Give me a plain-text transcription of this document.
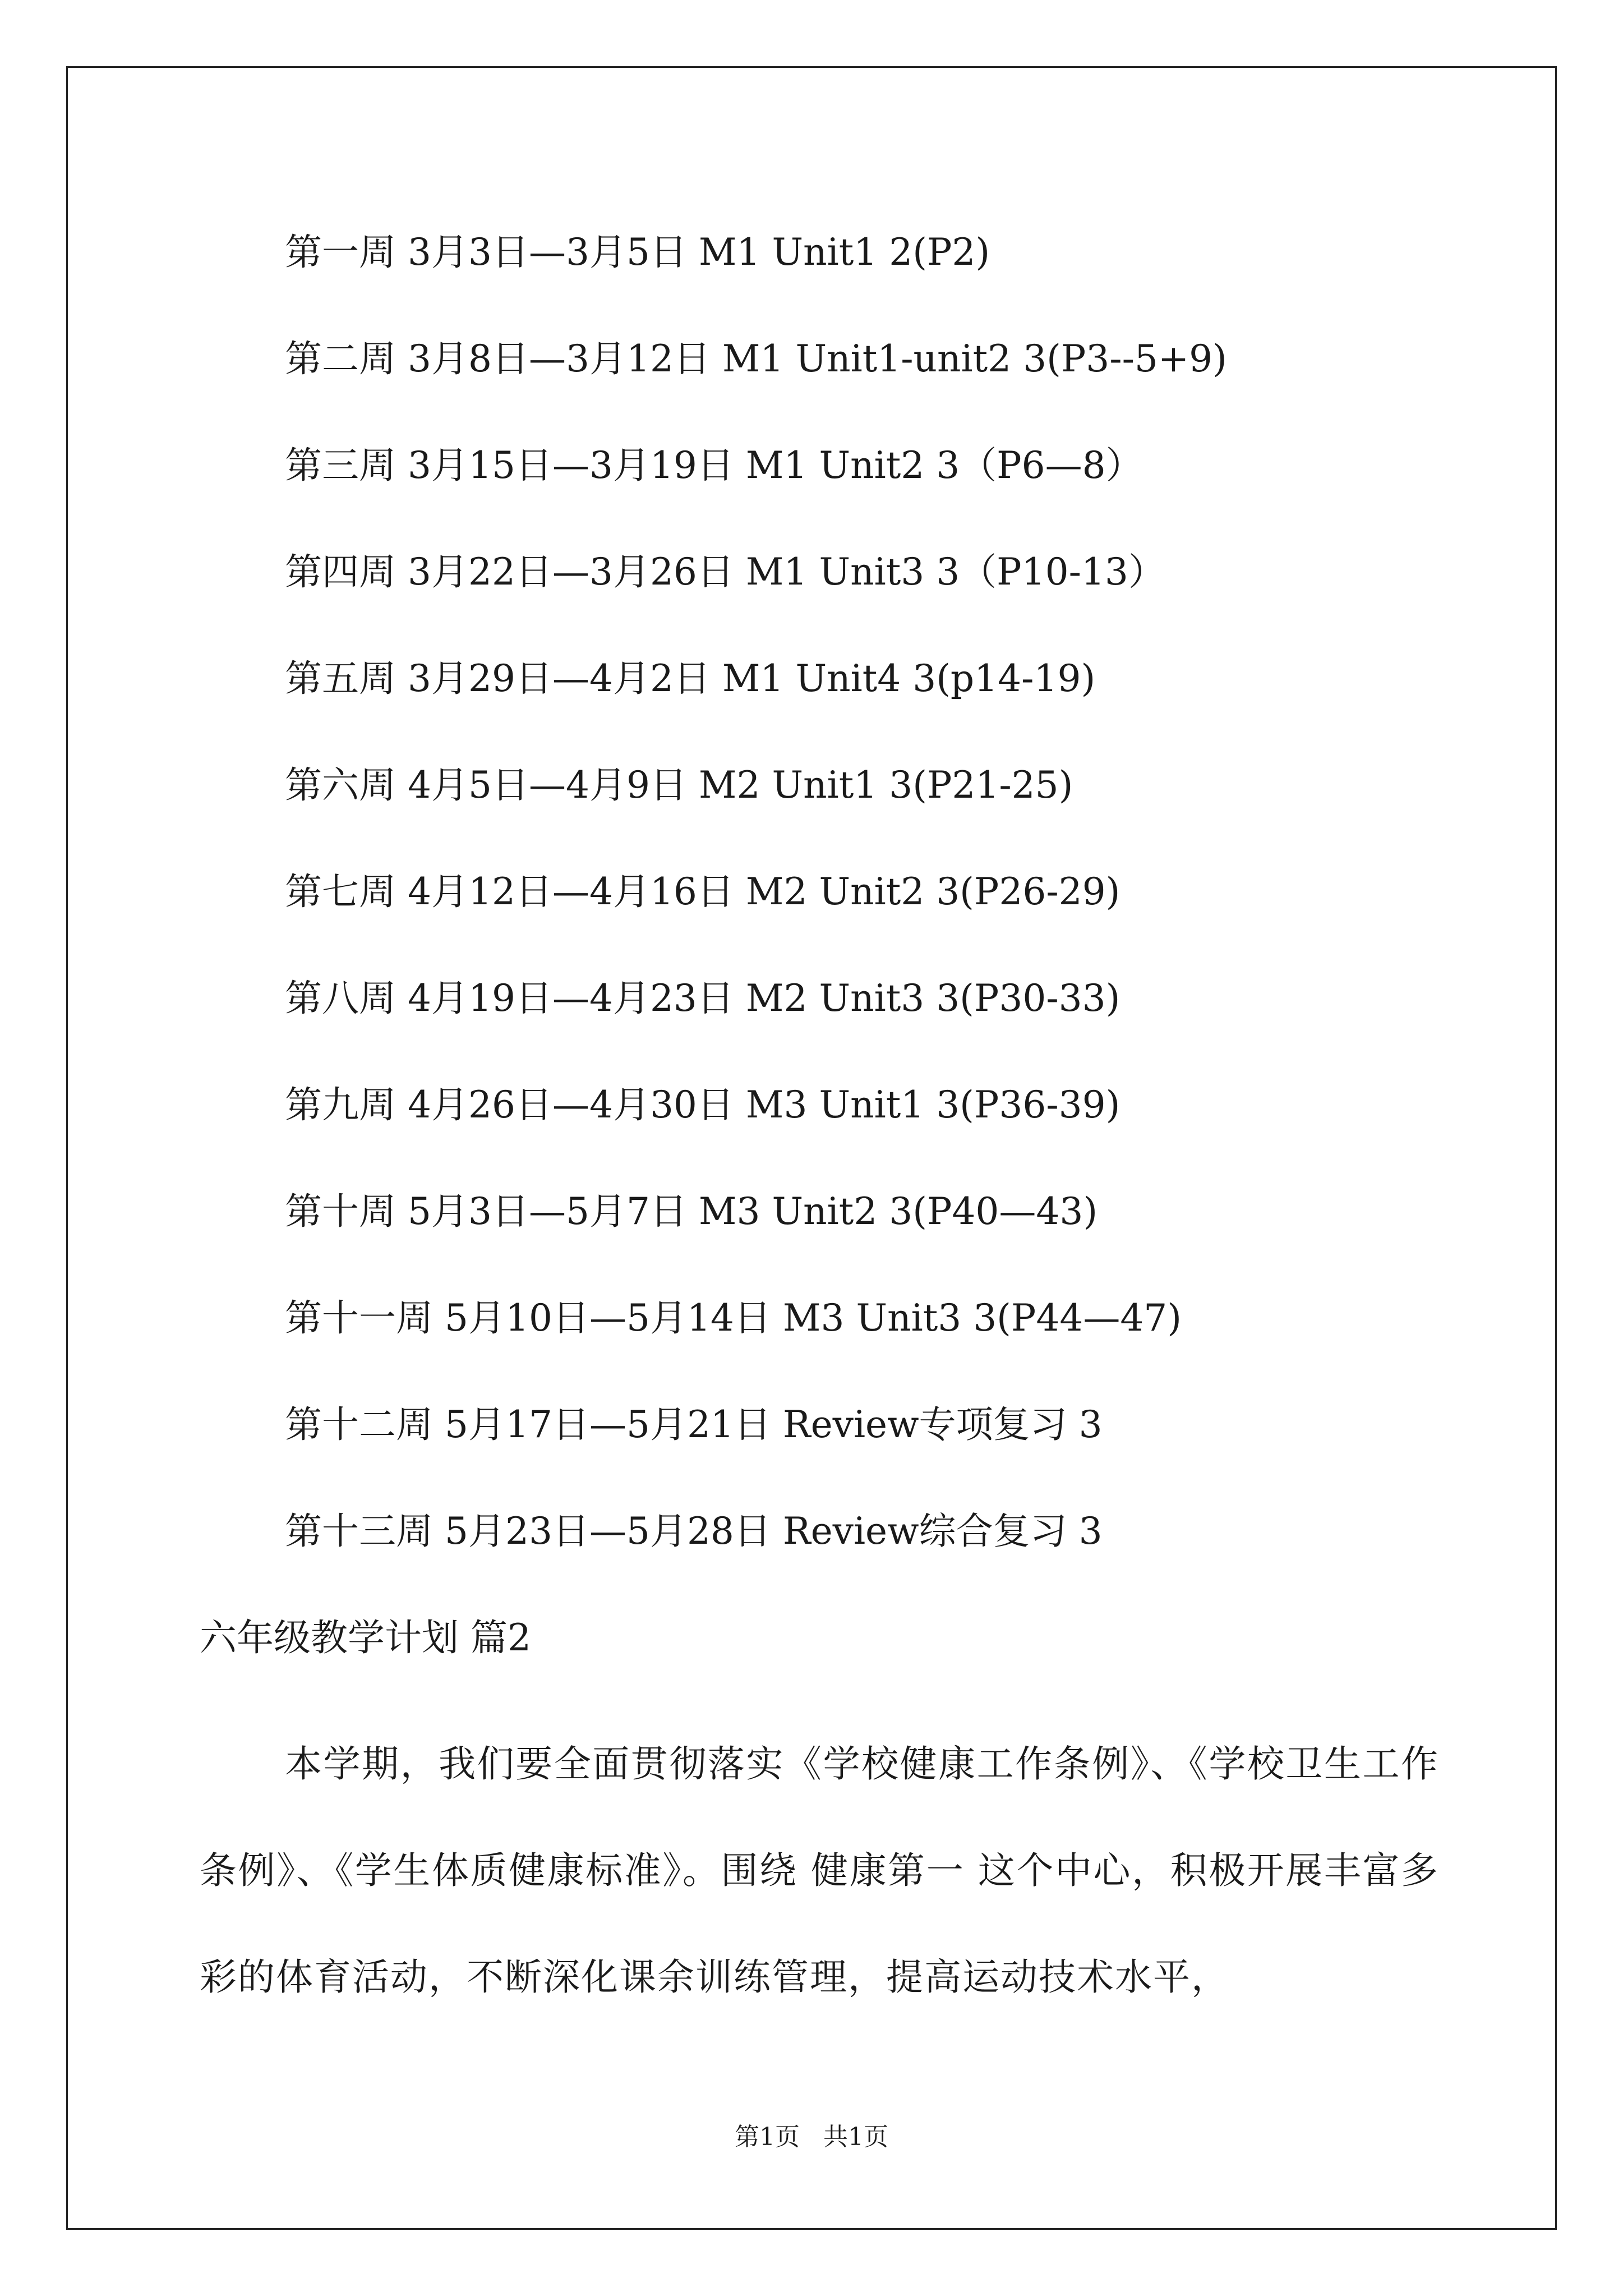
第一周 3月3日—3月5日 M1 Unit1 2(P2)
第二周 3月8日—3月12日 M1 Unit1-unit2 3(P3--5+9)
第三周 3月15日—3月19日 M1 Unit2 3（P6—8）
第四周 3月22日—3月26日 M1 Unit3 3（P10-13）
第五周 3月29日—4月2日 M1 Unit4 3(p14-19)
第六周 4月5日—4月9日 M2 Unit1 3(P21-25)
第七周 4月12日—4月16日 M2 Unit2 3(P26-29)
第八周 4月19日—4月23日 M2 Unit3 3(P30-33)
第九周 4月26日—4月30日 M3 Unit1 3(P36-39)
第十周 5月3日—5月7日 M3 Unit2 3(P40—43)
第十一周 5月10日—5月14日 M3 Unit3 3(P44—47)
第十二周 5月17日—5月21日 Review专项复习 3
第十三周 5月23日—5月28日 Review综合复习 3
六年级教学计划 篇2

本学期，我们要全面贯彻落实《学校健康工作条例》、《学校卫生工作条例》、《学生体质健康标准》。围绕 健康第一 这个中心，积极开展丰富多彩的体育活动，不断深化课余训练管理，提高运动技术水平，

第1页   共1页
